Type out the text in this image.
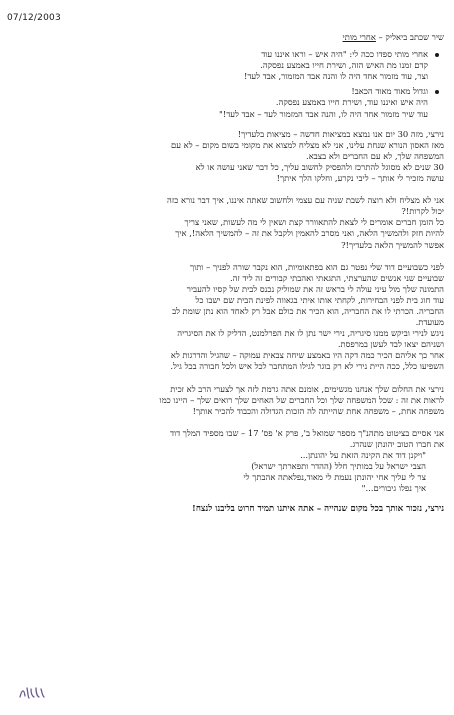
07/12/2003
שיר שכתב ביאליק – אחרי מותי
אחרי מותי ספדו ככה לי: "היה איש – וראו איננו עוד
קדם זמנו מת האיש הזה, ושירת חייו באמצע נפסקה.
וצר, עוד מזמור אחד היה לו והנה אבד המזמור, אבד לעד!
וגדול מאוד מאוד הכאב!
היה איש ואיננו עוד, ושירת חייו באמצע נפסקה.
עוד שיר מזמור אחד היה לו, והנה אבד המזמור לעד – אבד לעד!"

נירצי, מזה 30 יום אנו נמצא במציאות חדשה – מציאות בלעדיך!
מאז האסון הנורא שנחת עלינו, אני לא מצליח למצוא את מקומי בשום מקום – לא עם
המשפחה שלך, לא עם החברים ולא בצבא.
30 שנים לא מסוגל להתרכז ולהפסיק לחשוב עליך, כל דבר שאני עושה או לא
עושה מזכיר לי אותך – ליבי נקרע, וחלקו הלך איתך!

אני לא מצליח ולא רוצה לשבת שניה עם עצמי ולחשוב שאתה איננו, איך דבר נורא כזה
יכול לקרות!?
כל הזמן חברים אומרים לי לצאת להתאוורר קצת ושאין לי מה לעשות, שאני צריך
להיות חזק ולהמשיך הלאה, ואני מסרב להאמין ולקבל את זה – להמשיך הלאה!, איך
אפשר להמשיך הלאה בלעדיך!?

לפני כשבועיים דוד שלי נפטר גם הוא בפתאומיות, הוא נקבר שורה לפניך – ותוך
שבועיים שני אנשים שהערצתי, התגאתי ואהבתי קבורים זה ליד זה.
התמונה שלך מול עיני עולה לי בראש זה את שמוליק נכנס לבית של קסיו להעביר
עוד חוג בית לפני הבחירות, לקחתי אותו איתי בגאווה לפינת הבית שם ישבו כל
החבריה. הכרתי לו את החבריה, הוא הכיר את כולם אבל רק לאחד הוא נתן שומת לב
מעועדת.
ניגש לנירי וביקש ממנו סיגריה, נירי ישר נתן לו את הפרלמנט, הדליק לו את הסיגריה
ושניהם יצאו לבד לעשן במרפסת.
אחר כך אליהם הכיר כמה דקה היו באמצע שיחה צבאית עמוקה – שהגיל והדרגות לא
השפיעו כלל, ככה היית נירי לא רק בוגר לגילו המתחבר לכל איש ולכל חבורה בכל גיל.

נירצי את החלום שלך אנחנו מגשימים, אומנם אתה גרמת לזה אך לצערי הרב לא זכית
לראות את זה : שכל המשפחה שלך וכל החברים של האחים שלך רואים שלך – היינו כמו
משפחה אחת, – משפחה אחת שהייתה לה הזכות הגדולה והכבוד להכיר אותך!

אני אסיים בציטוט מתהנ"ך מספר שמואל ב', פרק א' פס' 17 – שבו מספיד המלך דוד
את חברו הטוב יהונתן שנהרג.

"ויקנן דוד את הקינה הזאת על יהונתן...
הצבי ישראל על במותיך חלל (ההדר ותפארתך ישראל)
צר לי עליך אחי יהונתן נעמת לי מאוד,נפלאתה אהבתך לי
איך נפלו גיבורים..."
נירצי, נזכור אותך בכל מקום שנהייה – אתה איתנו תמיד חרוט בליבנו לנצח!
